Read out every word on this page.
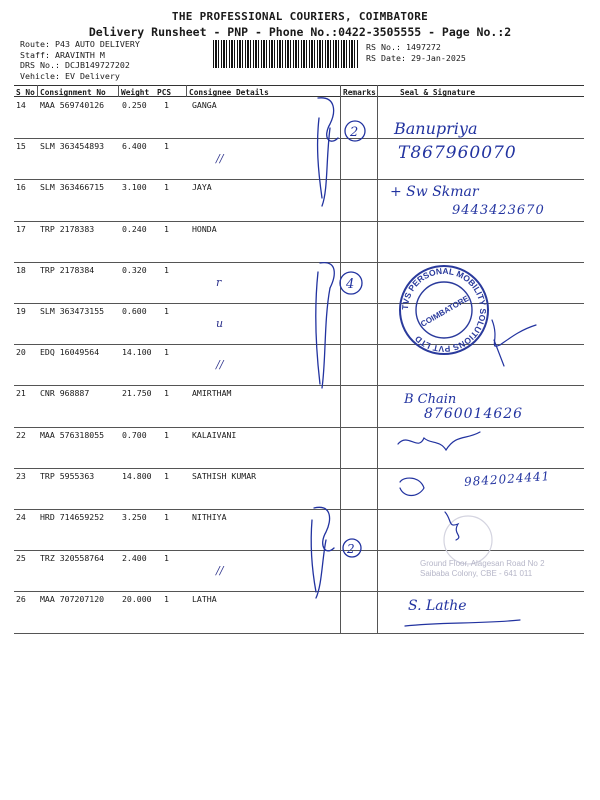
THE PROFESSIONAL COURIERS, COIMBATORE
Delivery Runsheet - PNP - Phone No.:0422-3505555 - Page No.:2
Route: P43 AUTO DELIVERY
Staff: ARAVINTH M
DRS No.: DCJB149727202
Vehicle: EV Delivery
RS No.: 1497272
RS Date: 29-Jan-2025
S No Consignment No Weight PCS Consignee Details	Remarks	Seal & Signature
14 MAA 569740126 0.250 1	GANGA
15 SLM 363454893 6.400 1
//
16 SLM 363466715 3.100 1	JAYA
17 TRP 2178383	0.240 1	HONDA
18 TRP 2178384	0.320 1
r
19 SLM 363473155 0.600 1
u
20 EDQ 16049564	14.100 1
//
21 CNR 968887	21.750 1	AMIRTHAM
22 MAA 576318055 0.700 1	KALAIVANI
23 TRP 5955363	14.800 1	SATHISH KUMAR
24 HRD 714659252 3.250 1	NITHIYA
25 TRZ 320558764 2.400 1
//
26 MAA 707207120 20.000 1	LATHA
2
4
2
TVS PERSONAL MOBILITY SOLUTIONS PVT LTD
COIMBATORE
Banupriya
T867960070
+ Sw Skmar
9443423670
B Chain
8760014626
9842024441
S. Lathe
Ground Floor, Alagesan Road No 2
Saibaba Colony, CBE - 641 011
